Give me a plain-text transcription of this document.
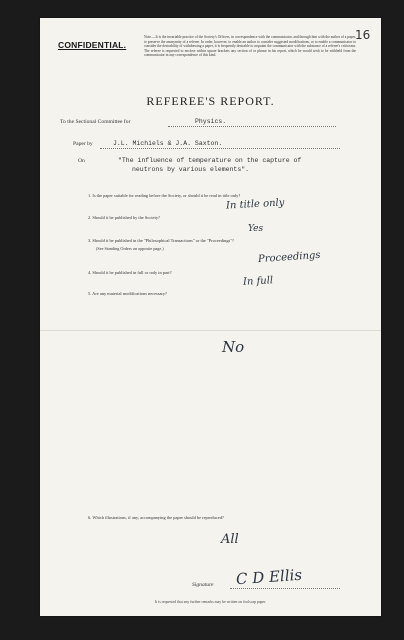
16
CONFIDENTIAL.
Note.—It is the invariable practice of the Society's Officers, in correspondence with the communicator, and through him with the author of a paper, to preserve the anonymity of a referee. In order, however, to enable an author to consider suggested modifications, or to enable a communicator to consider the desirability of withdrawing a paper, it is frequently desirable to acquaint the communicator with the substance of a referee's criticisms. The referee is requested to enclose within square brackets any section of or phrase in his report, which he would wish to be withheld from the communicator in any correspondence of this kind.
REFEREE'S REPORT.
To the Sectional Committee for	Physics.
Paper by	J.L. Michiels & J.A. Saxton.
On	"The influence of temperature on the capture of
neutrons by various elements".
1. Is the paper suitable for reading before the Society, or should it be read in title only?
In title only
2. Should it be published by the Society?
Yes
3. Should it be published in the "Philosophical Transactions" or the "Proceedings"?
(See Standing Orders on opposite page.)
Proceedings
4. Should it be published in full or only in part?
In full
5. Are any material modifications necessary?
No
6. Which illustrations, if any, accompanying the paper should be reproduced?
All
Signature C D Ellis
It is requested that any further remarks may be written on foolscap paper.
